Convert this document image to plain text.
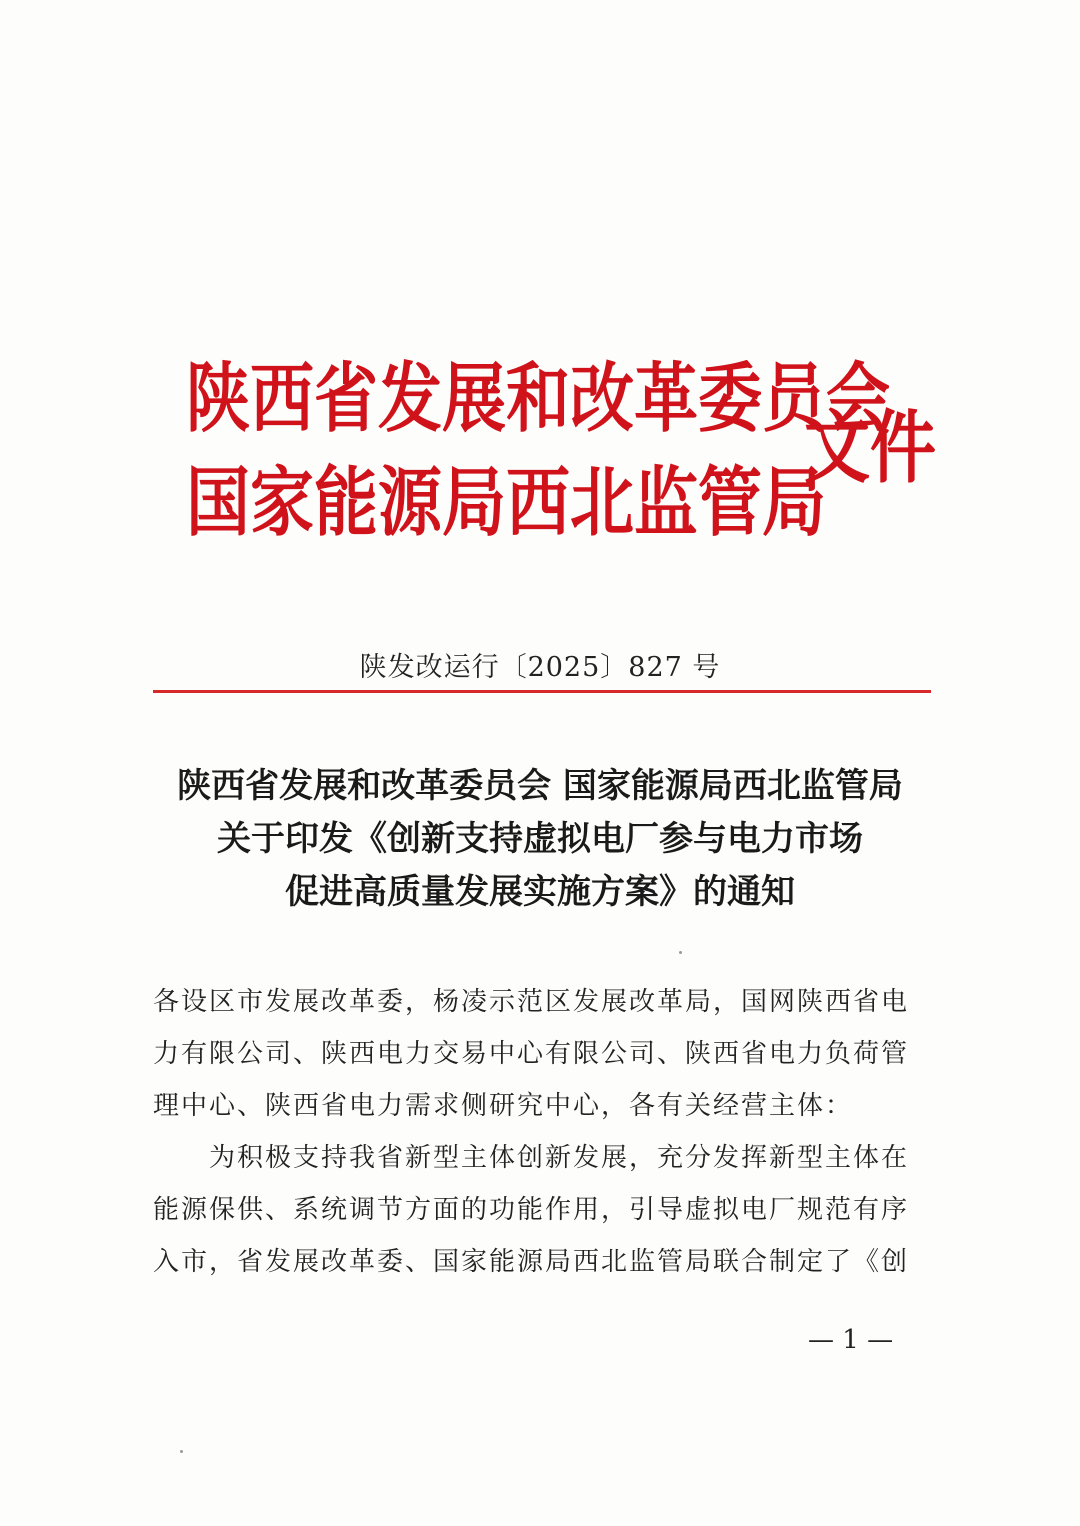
陕西省发展和改革委员会
国家能源局西北监管局
文件
陕发改运行〔2025〕827 号
陕西省发展和改革委员会 国家能源局西北监管局
关于印发《创新支持虚拟电厂参与电力市场
促进高质量发展实施方案》的通知
各设区市发展改革委，杨凌示范区发展改革局，国网陕西省电
力有限公司、陕西电力交易中心有限公司、陕西省电力负荷管
理中心、陕西省电力需求侧研究中心，各有关经营主体：
为积极支持我省新型主体创新发展，充分发挥新型主体在
能源保供、系统调节方面的功能作用，引导虚拟电厂规范有序
入市，省发展改革委、国家能源局西北监管局联合制定了《创
— 1 —
